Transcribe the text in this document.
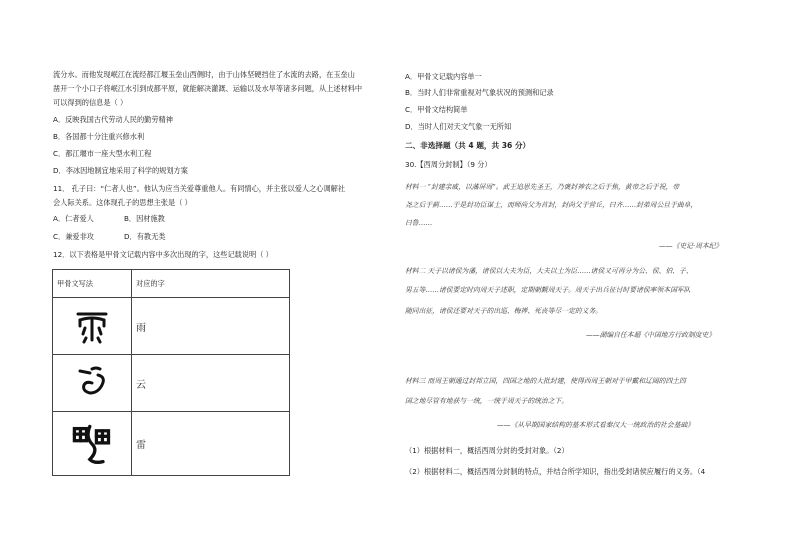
流分水。而他发现岷江在流经都江堰玉垒山西侧时，由于山体坚硬挡住了水流的去路，在玉垒山
凿开一个小口子将岷江水引到成都平原，就能解决灌溉、运输以及水旱等诸多问题，从上述材料中
可以得到的信息是（ ）
A．反映我国古代劳动人民的勤劳精神
B．各国都十分注重兴修水利
C．都江堰市一座大型水利工程
D．李冰因地制宜地采用了科学的规划方案
11． 孔子曰：“仁者人也”。他认为应当关爱尊重他人。有同情心，并主张以爱人之心调解社
会人际关系。这体现孔子的思想主张是（ ）
A．仁者爱人	B．因材施教
C．兼爱非攻	D．有教无类
12．以下表格是甲骨文记载内容中多次出现的字，这些记载说明（ ）
甲骨文写法	对应的字

	雨

	云

	雷
A．甲骨文记载内容单一
B．当时人们非常重视对气象状况的预测和记录
C．甲骨文结构简单
D．当时人们对天文气象一无所知
二、非选择题（共 4 题，共 36 分）
30.【西周分封制】（9 分）
材料一 “封建亲戚，以藩屏周”。武王追思先圣王，乃褒封神农之后于焦，黄帝之后于祝，帝
尧之后于蓟……于是封功臣谋士，而师尚父为首封，封尚父于营丘，曰齐……封弟周公旦于曲阜，
曰鲁……
——《史记·周本纪》
材料二 天子以诸侯为藩，诸侯以大夫为臣，大夫以士为臣……诸侯又可再分为公、侯、伯、子、
男五等……诸侯要定时向周天子述职，定期朝觐周天子。周天子出兵征讨时要诸侯率领本国军队
随同出征，诸侯还要对天子的出巡、梅禅、死丧等尽一定的义务。
——湖编自任本超《中国地方行政制度史》
材料三 而周王朝通过封邦立国，四国之地的大批封建，使得西周王朝对于甲戴和辽阔的四土四
国之地尽管有地获与一统，一统于周天子的统治之下。
——《从早期国家结构的基本形式看秦汉大一统政治的社会基础》
（1）根据材料一，概括西周分封的受封对象。（2）
（2）根据材料二，概括西周分封制的特点，并结合所学知识，指出受封诸侯应履行的义务。（4
